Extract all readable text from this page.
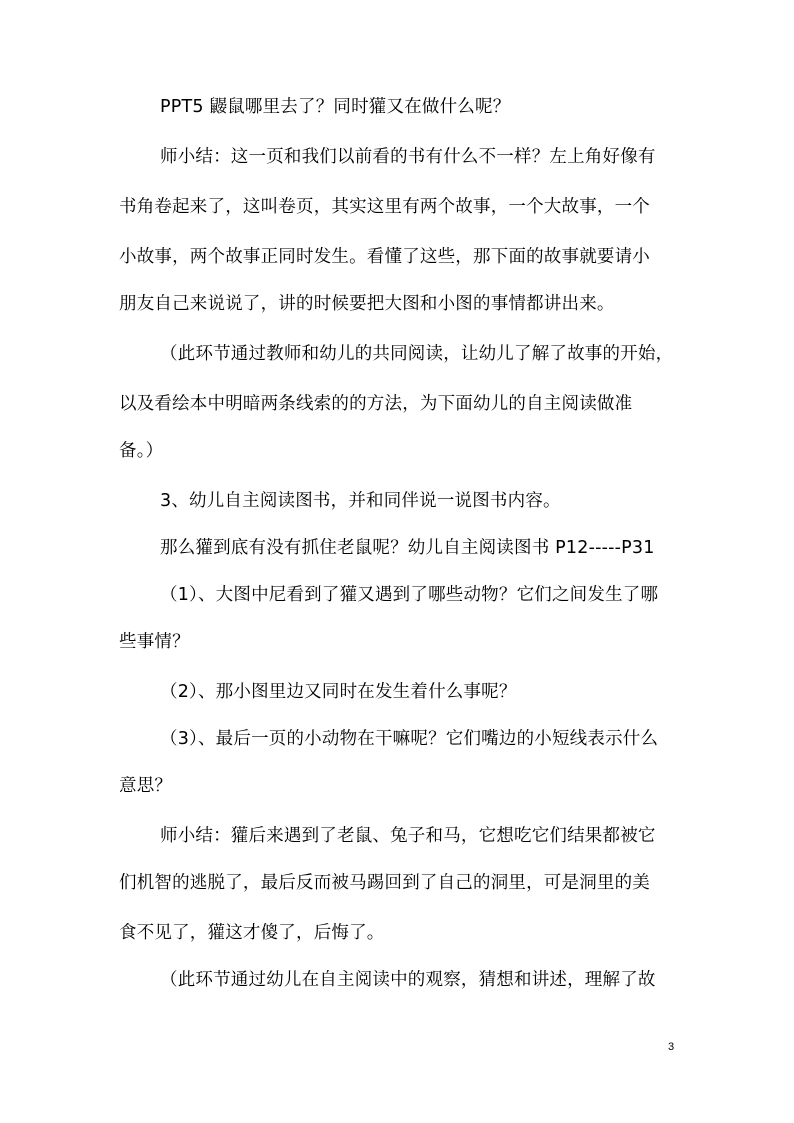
PPT5 鼹鼠哪里去了？同时獾又在做什么呢？
师小结：这一页和我们以前看的书有什么不一样？左上角好像有
书角卷起来了，这叫卷页，其实这里有两个故事，一个大故事，一个
小故事，两个故事正同时发生。看懂了这些，那下面的故事就要请小
朋友自己来说说了，讲的时候要把大图和小图的事情都讲出来。
（此环节通过教师和幼儿的共同阅读，让幼儿了解了故事的开始，
以及看绘本中明暗两条线索的的方法，为下面幼儿的自主阅读做准
备。）
3、幼儿自主阅读图书，并和同伴说一说图书内容。
那么獾到底有没有抓住老鼠呢？幼儿自主阅读图书 P12-----P31
（1）、大图中尼看到了獾又遇到了哪些动物？它们之间发生了哪
些事情？
（2）、那小图里边又同时在发生着什么事呢？
（3）、最后一页的小动物在干嘛呢？它们嘴边的小短线表示什么
意思？
师小结：獾后来遇到了老鼠、兔子和马，它想吃它们结果都被它
们机智的逃脱了，最后反而被马踢回到了自己的洞里，可是洞里的美
食不见了，獾这才傻了，后悔了。
（此环节通过幼儿在自主阅读中的观察，猜想和讲述，理解了故
3
